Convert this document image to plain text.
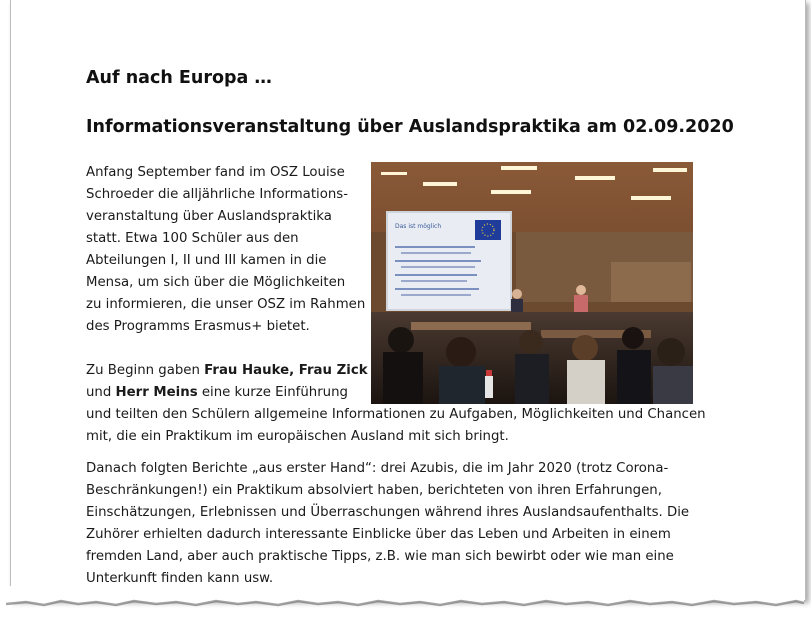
Auf nach Europa …
Informationsveranstaltung über Auslandspraktika am 02.09.2020

Anfang September fand im OSZ Louise
Schroeder die alljährliche Informations-
veranstaltung über Auslandspraktika
statt. Etwa 100 Schüler aus den
Abteilungen I, II und III kamen in die
Mensa, um sich über die Möglichkeiten
zu informieren, die unser OSZ im Rahmen
des Programms Erasmus+ bietet.

Das ist möglich

Zu Beginn gaben Frau Hauke, Frau Zick
und Herr Meins eine kurze Einführung

und teilten den Schülern allgemeine Informationen zu Aufgaben, Möglichkeiten und Chancen
mit, die ein Praktikum im europäischen Ausland mit sich bringt.

Danach folgten Berichte „aus erster Hand“: drei Azubis, die im Jahr 2020 (trotz Corona-
Beschränkungen!) ein Praktikum absolviert haben, berichteten von ihren Erfahrungen,
Einschätzungen, Erlebnissen und Überraschungen während ihres Auslandsaufenthalts. Die
Zuhörer erhielten dadurch interessante Einblicke über das Leben und Arbeiten in einem
fremden Land, aber auch praktische Tipps, z.B. wie man sich bewirbt oder wie man eine
Unterkunft finden kann usw.
